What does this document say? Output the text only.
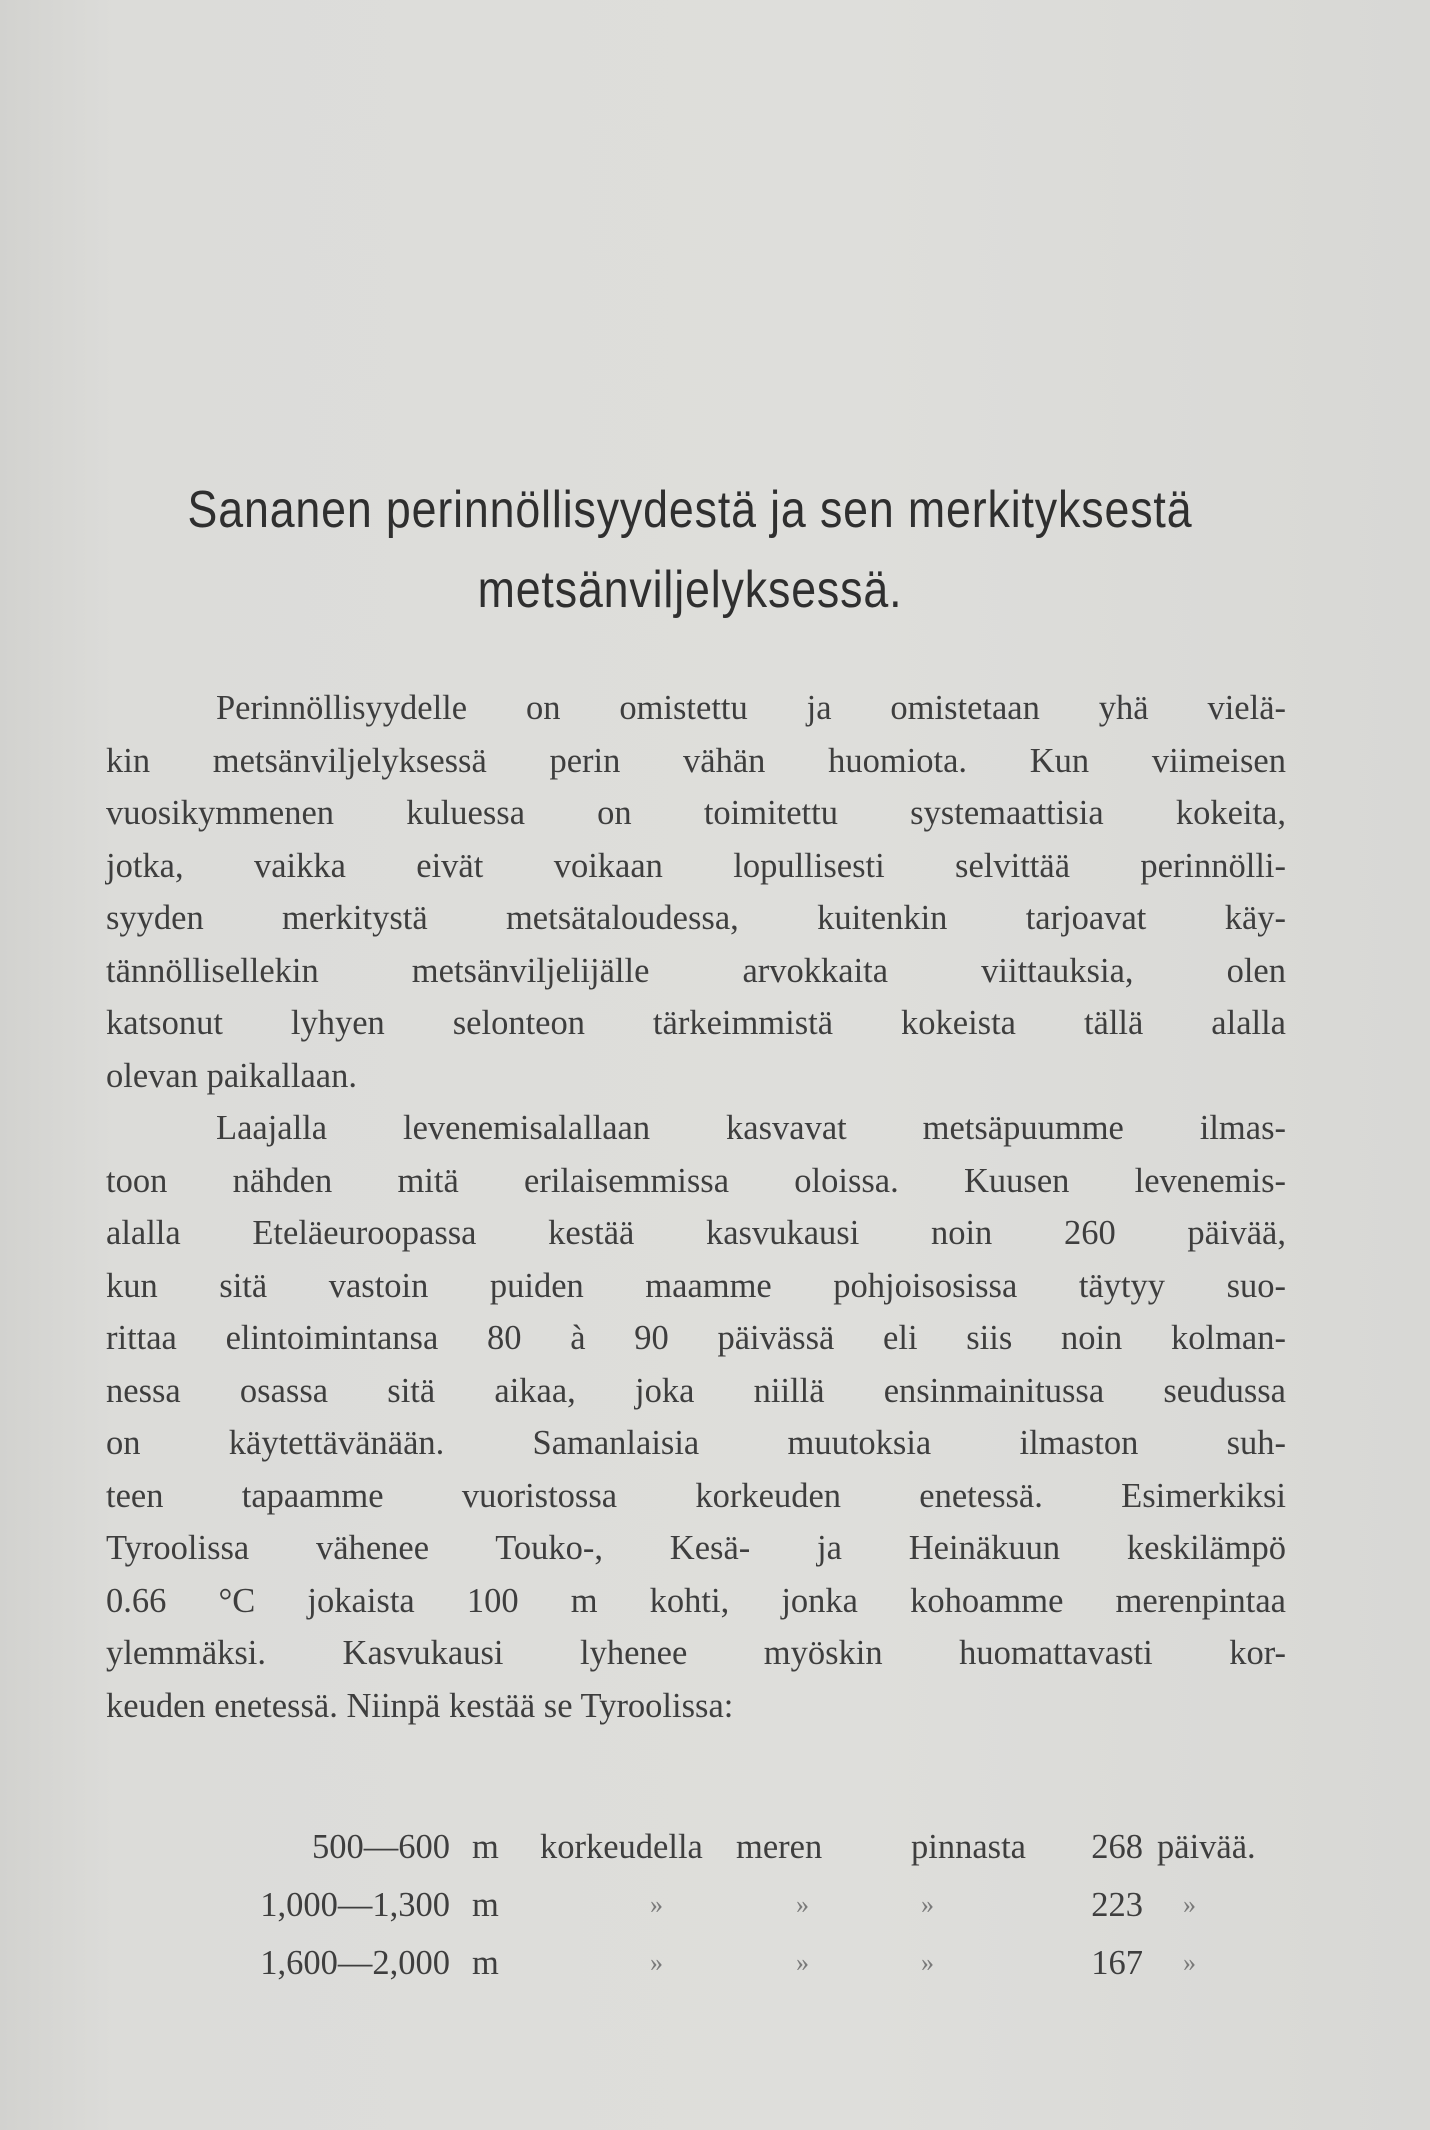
Sananen perinnöllisyydestä ja sen merkityksestä
metsänviljelyksessä.
Perinnöllisyydelle on omistettu ja omistetaan yhä vielä-
kin metsänviljelyksessä perin vähän huomiota. Kun viimeisen
vuosikymmenen kuluessa on toimitettu systemaattisia kokeita,
jotka, vaikka eivät voikaan lopullisesti selvittää perinnölli-
syyden merkitystä metsätaloudessa, kuitenkin tarjoavat käy-
tännöllisellekin metsänviljelijälle arvokkaita viittauksia, olen
katsonut lyhyen selonteon tärkeimmistä kokeista tällä alalla
olevan paikallaan.
Laajalla levenemisalallaan kasvavat metsäpuumme ilmas-
toon nähden mitä erilaisemmissa oloissa. Kuusen levenemis-
alalla Eteläeuroopassa kestää kasvukausi noin 260 päivää,
kun sitä vastoin puiden maamme pohjoisosissa täytyy suo-
rittaa elintoimintansa 80 à 90 päivässä eli siis noin kolman-
nessa osassa sitä aikaa, joka niillä ensinmainitussa seudussa
on käytettävänään. Samanlaisia muutoksia ilmaston suh-
teen tapaamme vuoristossa korkeuden enetessä. Esimerkiksi
Tyroolissa vähenee Touko-, Kesä- ja Heinäkuun keskilämpö
0.66 °C jokaista 100 m kohti, jonka kohoamme merenpintaa
ylemmäksi. Kasvukausi lyhenee myöskin huomattavasti kor-
keuden enetessä. Niinpä kestää se Tyroolissa:
500—600 m	korkeudella meren	pinnasta	268 päivää.
1,000—1,300 m	»	»	»	223	»
1,600—2,000 m	»	»	»	167	»
